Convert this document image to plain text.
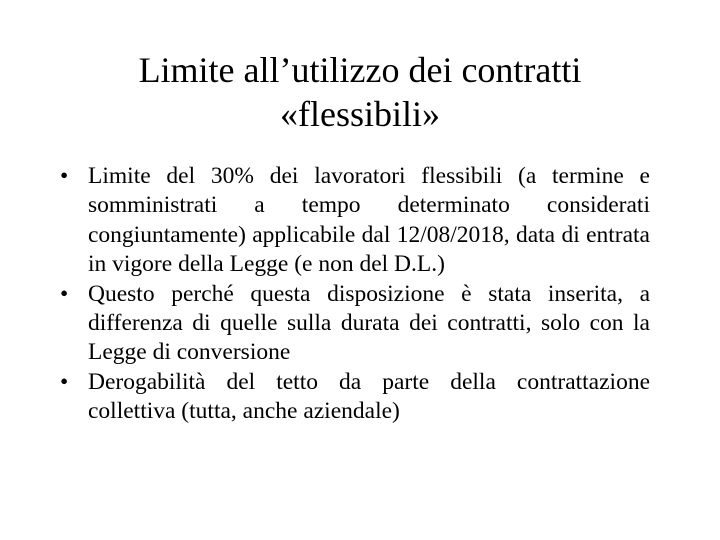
Limite all’utilizzo dei contratti
«flessibili»
• Limite del 30% dei lavoratori flessibili (a termine e somministrati a tempo determinato considerati congiuntamente) applicabile dal 12/08/2018, data di entrata in vigore della Legge (e non del D.L.)
• Questo perché questa disposizione è stata inserita, a differenza di quelle sulla durata dei contratti, solo con la Legge di conversione
• Derogabilità del tetto da parte della contrattazione collettiva (tutta, anche aziendale)
